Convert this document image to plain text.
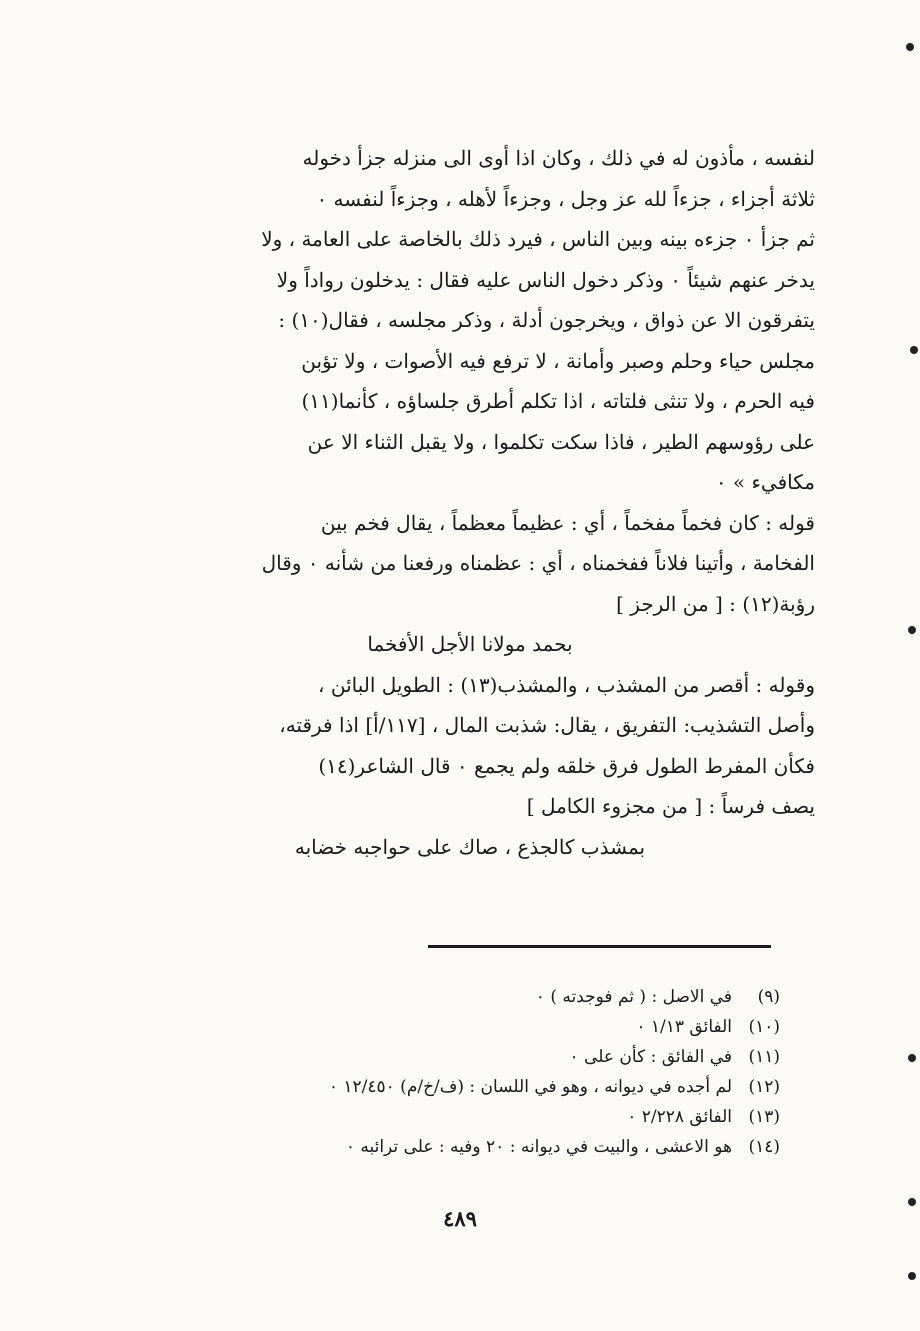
لنفسه ، مأذون له في ذلك ، وكان اذا أوى الى منزله جزأ دخوله
ثلاثة أجزاء ، جزءاً لله عز وجل ، وجزءاً لأهله ، وجزءاً لنفسه ٠
ثم جزأ ٠ جزءه بينه وبين الناس ، فيرد ذلك بالخاصة على العامة ، ولا
يدخر عنهم شيئاً ٠ وذكر دخول الناس عليه فقال : يدخلون رواداً ولا
يتفرقون الا عن ذواق ، ويخرجون أدلة ، وذكر مجلسه ، فقال(١٠) :
مجلس حياء وحلم وصبر وأمانة ، لا ترفع فيه الأصوات ، ولا تؤبن
فيه الحرم ، ولا تنثى فلتاته ، اذا تكلم أطرق جلساؤه ، كأنما(١١)
على رؤوسهم الطير ، فاذا سكت تكلموا ، ولا يقبل الثناء الا عن
مكافيء » ٠
قوله : كان فخماً مفخماً ، أي : عظيماً معظماً ، يقال فخم بين
الفخامة ، وأتينا فلاناً ففخمناه ، أي : عظمناه ورفعنا من شأنه ٠ وقال
رؤبة(١٢) : [ من الرجز ]
بحمد مولانا الأجل الأفخما
وقوله : أقصر من المشذب ، والمشذب(١٣) : الطويل البائن ،
وأصل التشذيب: التفريق ، يقال: شذبت المال ، [١١٧/أ] اذا فرقته،
فكأن المفرط الطول فرق خلقه ولم يجمع ٠ قال الشاعر(١٤)
يصف فرساً : [ من مجزوء الكامل ]
بمشذب كالجذع ، صاك على حواجبه خضابه
(٩)
في الاصل : ( ثم فوجدته ) ٠
(١٠)
الفائق ١/١٣ ٠
(١١)
في الفائق : كأن على ٠
(١٢)
لم أجده في ديوانه ، وهو في اللسان : (ف/خ/م) ١٢/٤٥٠ ٠
(١٣)
الفائق ٢/٢٢٨ ٠
(١٤)
هو الاعشى ، والبيت في ديوانه : ٢٠ وفيه : على ترائبه ٠
٤٨٩
